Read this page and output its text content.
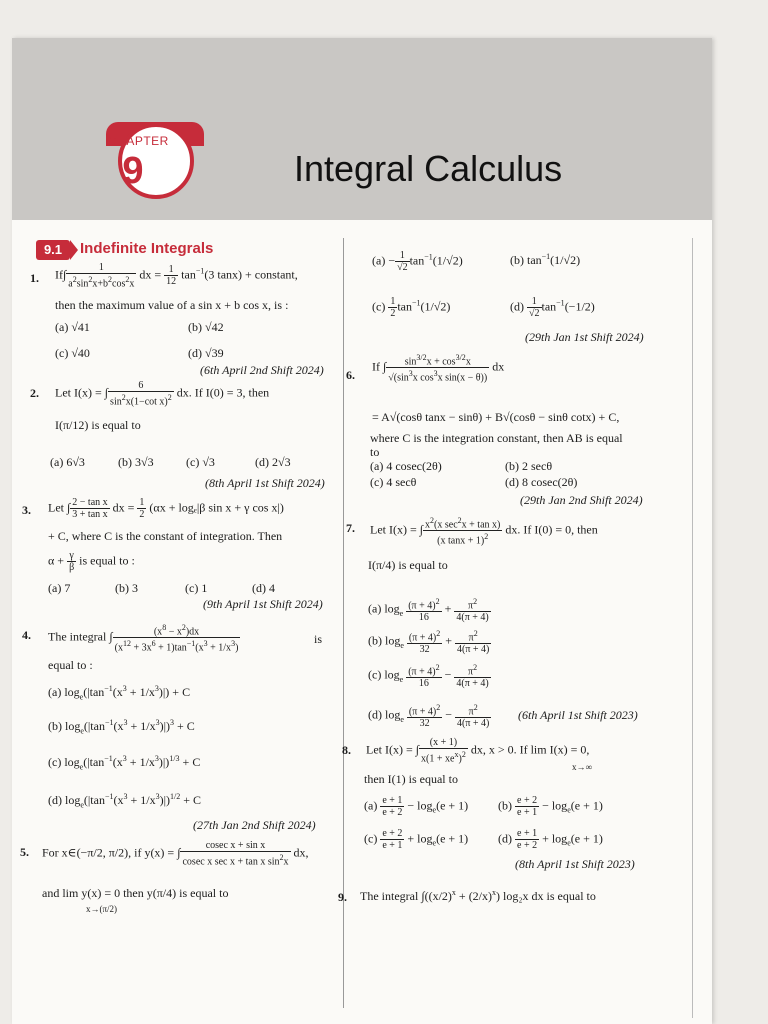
CHAPTER
9	Integral Calculus
9.1	Indefinite Integrals
1. $If\int \frac{1}{a^2\sin^2x+b^2\cos^2x}$ dx = $\frac{1}{12} \tan^{-1}(3$ tanx) + constant,
then the maximum value of a sin x + b cos x, is :
(a) √41	(b) √42
(c) √40	(d) √39
(6th April 2nd Shift 2024)
2. Let I(x) = ∫ $\frac{6}{\sin^2x(1-\cot x)^2}$ dx. If I(0) = 3, then
I(π/12) is equal to
(a) 6√3	(b) 3√3	(c) √3	(d) 2√3
(8th April 1st Shift 2024)
3. Let ∫ $\frac{\text{2 − tan x}}{\text{3 + tan x}}$ dx = $\frac{1}{2} (\alpha x + \log_e|\beta$ sin x + γ cos x|)
+ C, where C is the constant of integration. Then
$\alpha + \frac{\gamma}{\beta}$ is equal to :
(a) 7	(b) 3	(c) 1	(d) 4
(9th April 1st Shift 2024)
4. The integral ∫ $\frac{(x^8 - x^2)dx}{(x^{12} + 3x^6 + 1)\tan^{-1}(x^3 + 1/x^3)}$	is
equal to :
(a) $\log_e(|\tan^{-1}(x^3 + 1/x^3)|) + C$
(b) $\log_e(|\tan^{-1}(x^3 + 1/x^3)|)^3 + C$
(c) $\log_e(|\tan^{-1}(x^3 + 1/x^3)|)^{1/3} + C$
(d) $\log_e(|\tan^{-1}(x^3 + 1/x^3)|)^{1/2} + C$
(27th Jan 2nd Shift 2024)
5. For x∈(−π/2, π/2), if y(x) = ∫ $\frac{\text{cosec x + sin x}}{cosec x \sec x + \tan x \sin^2x}$ dx,
and lim y(x) = 0 then y(π/4) is equal to
x→(π/2)
$(a) - \frac{1}{√2} \tan^{-1}(1/√2)$	(b) $\tan^{-1}(1/√2)$
$(c) \frac{1}{2} \tan^{-1}(1/√2)$	$(d) \frac{1}{√2} \tan^{-1}(-1/2)$
(29th Jan 1st Shift 2024)
6.
If ∫ $\frac{\sin^{3/2}x + \cos^{3/2}x}{√(\sin^3x \cos^3x \sin(x - \theta))}$ dx
= A√(cosθ tanx − sinθ) + B√(cosθ − sinθ cotx) + C,
where C is the integration constant, then AB is equal
to
(a) 4 cosec(2θ)	(b) 2 secθ
(c) 4 secθ	(d) 8 cosec(2θ)
(29th Jan 2nd Shift 2024)
7. Let I(x) = ∫ $\frac{x^2(x \sec^2x + \tan x)}{(x \tan x + 1)^2}$ dx. If I(0) = 0, then
I(π/4) is equal to
(a) $\log_e \frac{(\pi + 4)^2}{16} + \frac{\pi^2}{4(\pi + 4)}$
(b) $\log_e \frac{(\pi + 4)^2}{32} + \frac{\pi^2}{4(\pi + 4)}$
(c) $\log_e \frac{(\pi + 4)^2}{16} - \frac{\pi^2}{4(\pi + 4)}$
(d) $\log_e \frac{(\pi + 4)^2}{32} - \frac{\pi^2}{4(\pi + 4)} (6th$ April 1st Shift 2023)
8. Let I(x) = ∫ $\frac{(x + 1)}{x(1 + xe^x)^2}$ dx, x > 0. If lim I(x) = 0,
x→∞
then I(1) is equal to
$(a) \frac{e + 1}{e + 2} - \log_e(e + 1)$ $(b) \frac{e + 2}{e + 1} - \log_e(e + 1)$
$(c) \frac{e + 2}{e + 1} + \log_e(e + 1)$ $(d) \frac{e + 1}{e + 2} + \log_e(e + 1)$
(8th April 1st Shift 2023)
9. The integral $\int((x/2)^x + (2/x)^x)$ log₂x dx is equal to
